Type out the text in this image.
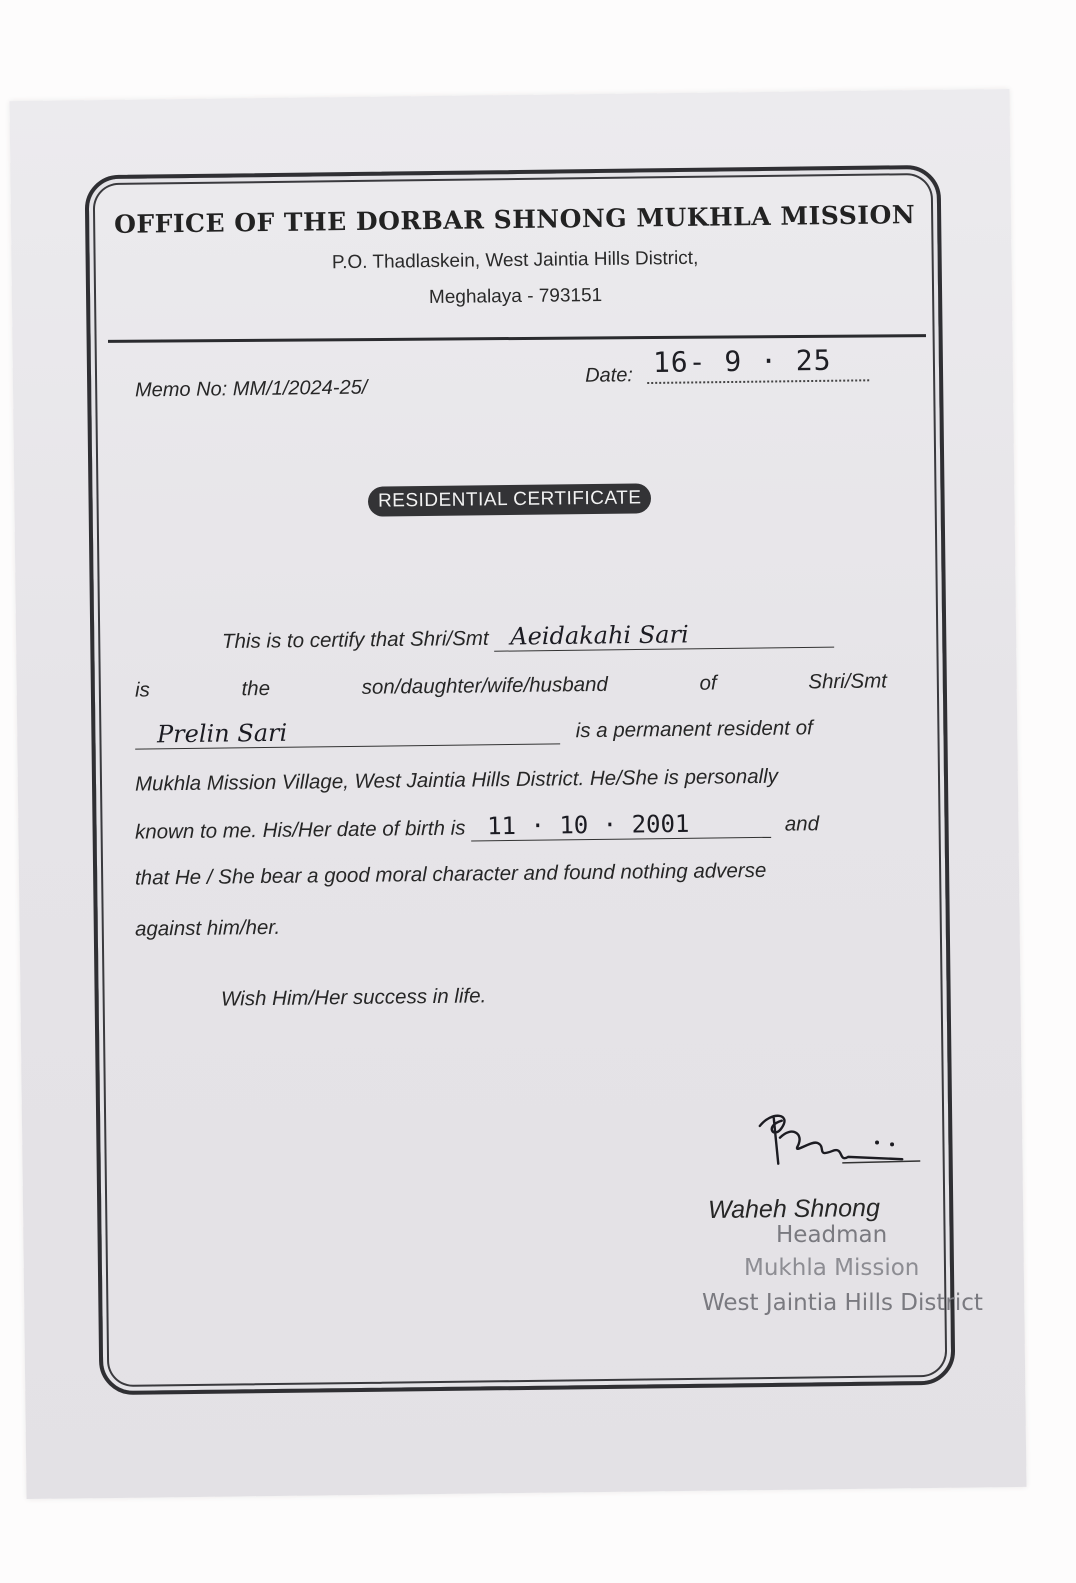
OFFICE OF THE DORBAR SHNONG MUKHLA MISSION
P.O. Thadlaskein, West Jaintia Hills District,
Meghalaya - 793151
Memo No: MM/1/2024-25/
Date: 16- 9 · 25
RESIDENTIAL CERTIFICATE
This is to certify that Shri/Smt Aeidakahi Sari
is	the	son/daughter/wife/husband	of	Shri/Smt
Prelin Sari	is a permanent resident of
Mukhla Mission Village, West Jaintia Hills District. He/She is personally
known to me. His/Her date of birth is 11 · 10 · 2001	and
that He / She bear a good moral character and found nothing adverse
against him/her.
Wish Him/Her success in life.
Waheh Shnong
Headman
Mukhla Mission
West Jaintia Hills District
